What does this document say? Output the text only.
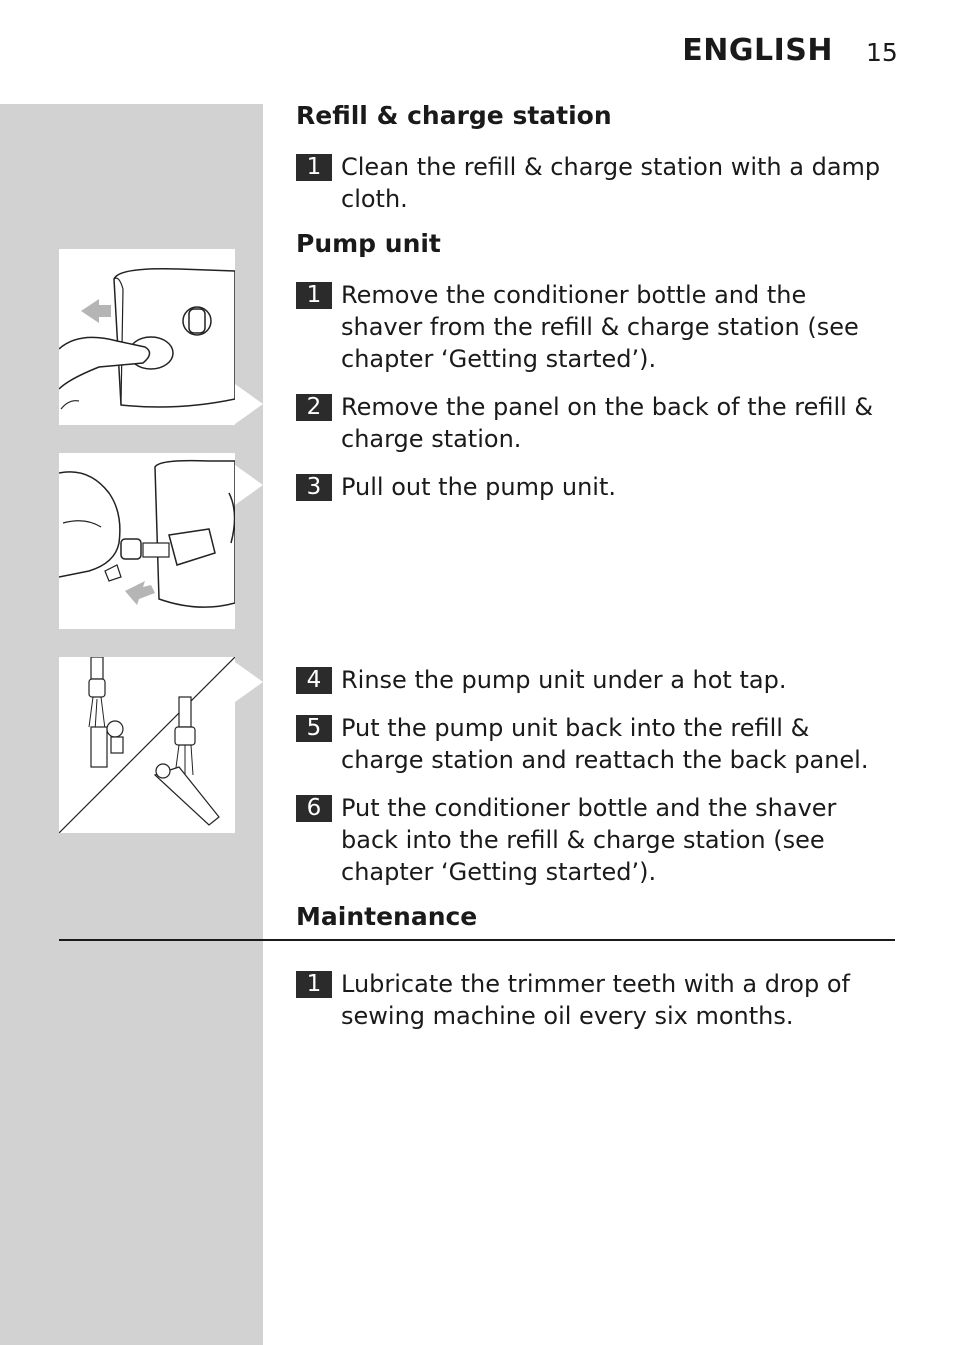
ENGLISH 15
Refill & charge station
1 Clean the refill & charge station with a damp cloth.
Pump unit
1 Remove the conditioner bottle and the shaver from the refill & charge station (see chapter ‘Getting started’).
2 Remove the panel on the back of the refill & charge station.
3 Pull out the pump unit.
4 Rinse the pump unit under a hot tap.
5 Put the pump unit back into the refill & charge station and reattach the back panel.
6 Put the conditioner bottle and the shaver back into the refill & charge station (see chapter ‘Getting started’).
Maintenance
1 Lubricate the trimmer teeth with a drop of sewing machine oil every six months.
